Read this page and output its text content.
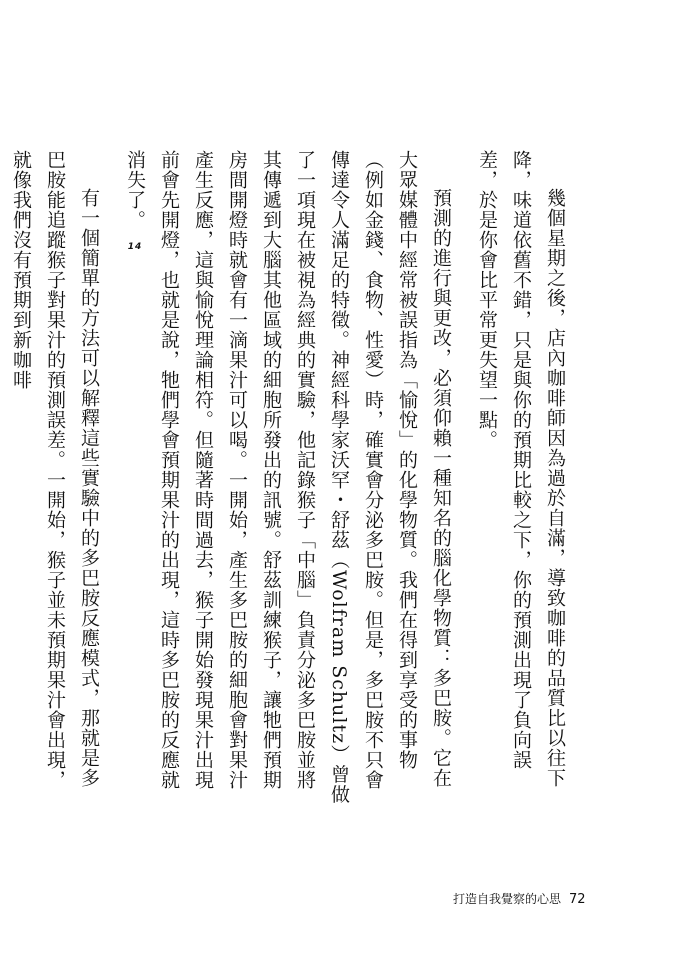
幾個星期之後，店內咖啡師因為過於自滿，導致咖啡的品質比以往下降，味道依舊不錯，只是與你的預期比較之下，你的預測出現了負向誤差，於是你會比平常更失望一點。

預測的進行與更改，必須仰賴一種知名的腦化學物質：多巴胺。它在大眾媒體中經常被誤指為「愉悅」的化學物質。我們在得到享受的事物（例如金錢、食物、性愛）時，確實會分泌多巴胺。但是，多巴胺不只會傳達令人滿足的特徵。神經科學家沃罕・舒茲（Wolfram Schultz）曾做了一項現在被視為經典的實驗，他記錄猴子「中腦」負責分泌多巴胺並將其傳遞到大腦其他區域的細胞所發出的訊號。舒茲訓練猴子，讓牠們預期房間開燈時就會有一滴果汁可以喝。一開始，產生多巴胺的細胞會對果汁產生反應，這與愉悅理論相符。但隨著時間過去，猴子開始發現果汁出現前會先開燈，也就是說，牠們學會預期果汁的出現，這時多巴胺的反應就消失了。14

有一個簡單的方法可以解釋這些實驗中的多巴胺反應模式，那就是多巴胺能追蹤猴子對果汁的預測誤差。一開始，猴子並未預期果汁會出現，就像我們沒有預期到新咖啡

打造自我覺察的心思 72
